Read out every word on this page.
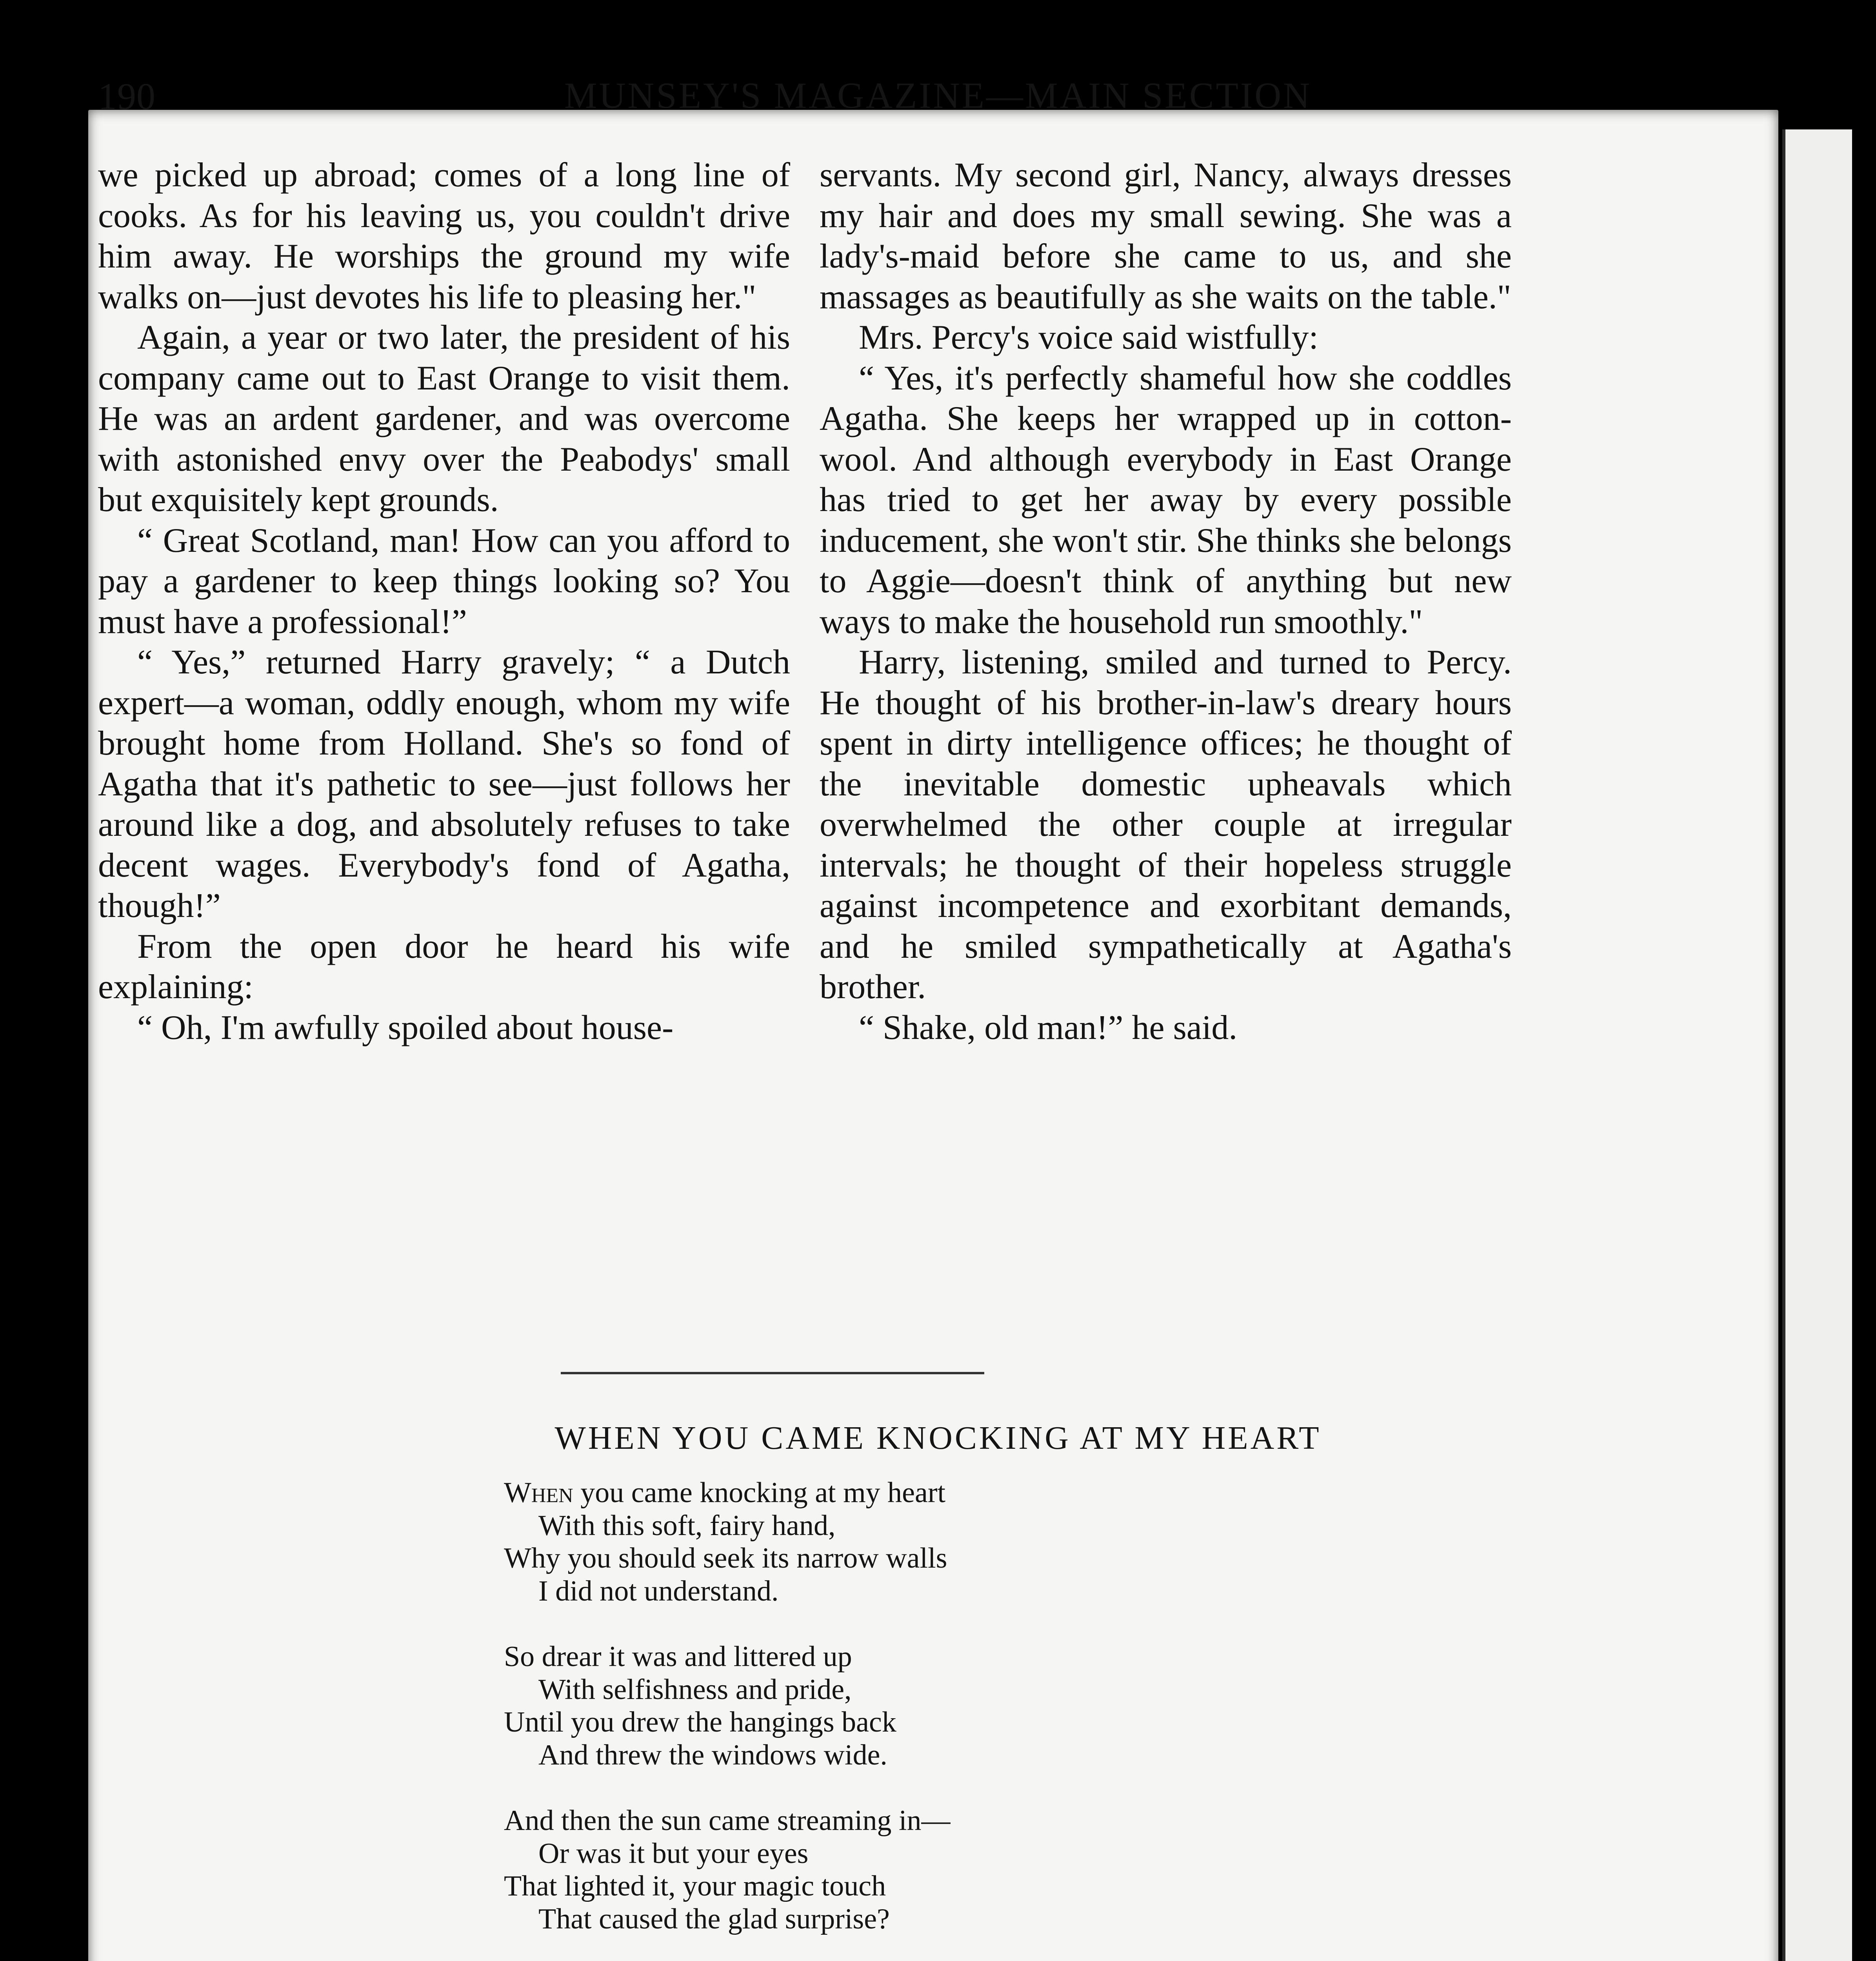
190	MUNSEY'S MAGAZINE—MAIN SECTION

we picked up abroad; comes of a long line of cooks. As for his leaving us, you couldn't drive him away. He worships the ground my wife walks on—just devotes his life to pleasing her."

Again, a year or two later, the president of his company came out to East Orange to visit them. He was an ardent gardener, and was overcome with astonished envy over the Peabodys' small but exquisitely kept grounds.

“ Great Scotland, man! How can you afford to pay a gardener to keep things looking so? You must have a professional!”

“ Yes,” returned Harry gravely; “ a Dutch expert—a woman, oddly enough, whom my wife brought home from Holland. She's so fond of Agatha that it's pathetic to see—just follows her around like a dog, and absolutely refuses to take decent wages. Everybody's fond of Agatha, though!”

From the open door he heard his wife explaining:

“ Oh, I'm awfully spoiled about house-

servants. My second girl, Nancy, always dresses my hair and does my small sewing. She was a lady's-maid before she came to us, and she massages as beautifully as she waits on the table."

Mrs. Percy's voice said wistfully:

“ Yes, it's perfectly shameful how she coddles Agatha. She keeps her wrapped up in cotton-wool. And although everybody in East Orange has tried to get her away by every possible inducement, she won't stir. She thinks she belongs to Aggie—doesn't think of anything but new ways to make the household run smoothly."

Harry, listening, smiled and turned to Percy. He thought of his brother-in-law's dreary hours spent in dirty intelligence offices; he thought of the inevitable domestic upheavals which overwhelmed the other couple at irregular intervals; he thought of their hopeless struggle against incompetence and exorbitant demands, and he smiled sympathetically at Agatha's brother.

“ Shake, old man!” he said.

WHEN YOU CAME KNOCKING AT MY HEART
When you came knocking at my heart
With this soft, fairy hand,
Why you should seek its narrow walls
I did not understand.
So drear it was and littered up
With selfishness and pride,
Until you drew the hangings back
And threw the windows wide.
And then the sun came streaming in—
Or was it but your eyes
That lighted it, your magic touch
That caused the glad surprise?
